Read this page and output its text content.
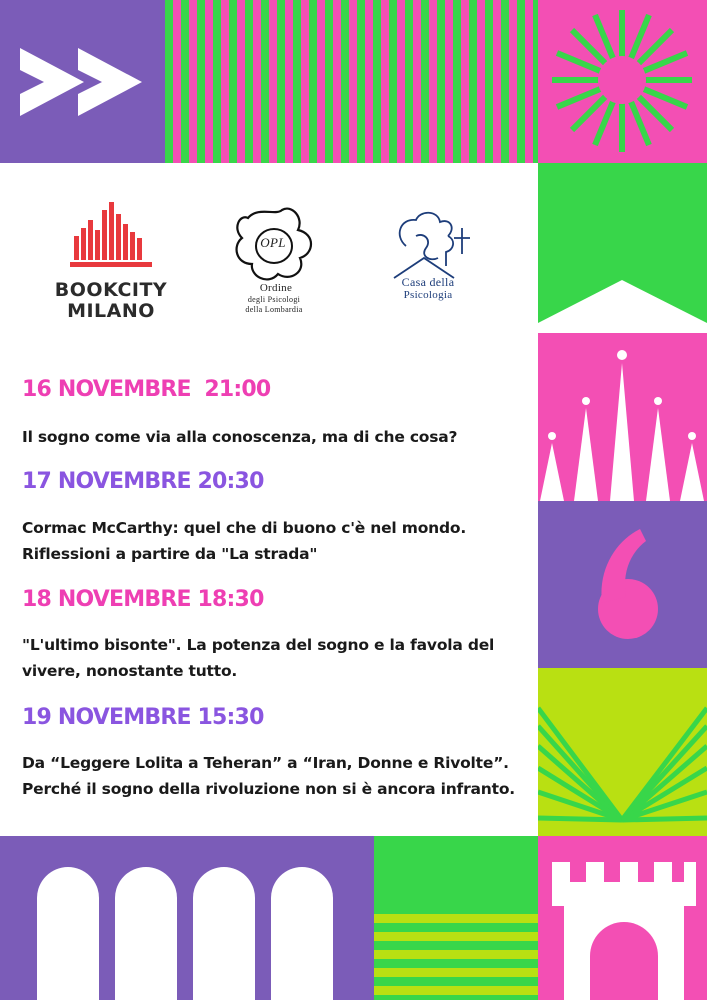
BOOKCITY
MILANO
OPL
Ordine
degli Psicologi
della Lombardia
Casa della
Psicologia
16 NOVEMBRE  21:00
Il sogno come via alla conoscenza, ma di che cosa?
17 NOVEMBRE 20:30
Cormac McCarthy: quel che di buono c'è nel mondo. Riflessioni a partire da "La strada"
18 NOVEMBRE 18:30
"L'ultimo bisonte". La potenza del sogno e la favola del vivere, nonostante tutto.
19 NOVEMBRE 15:30
Da “Leggere Lolita a Teheran” a “Iran, Donne e Rivolte”. Perché il sogno della rivoluzione non si è ancora infranto.
